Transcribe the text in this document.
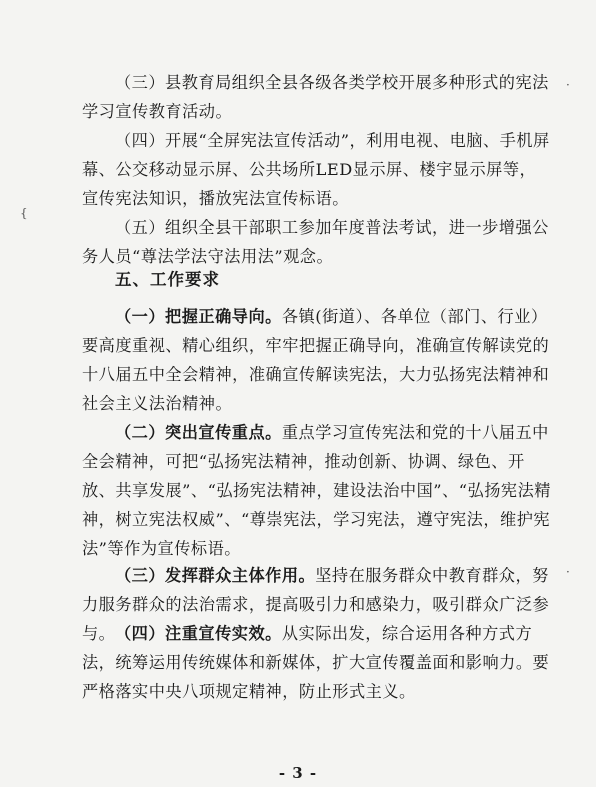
（三）县教育局组织全县各级各类学校开展多种形式的宪法学习宣传教育活动。

（四）开展“全屏宪法宣传活动”，利用电视、电脑、手机屏幕、公交移动显示屏、公共场所LED显示屏、楼宇显示屏等，宣传宪法知识，播放宪法宣传标语。

（五）组织全县干部职工参加年度普法考试，进一步增强公务人员“尊法学法守法用法”观念。

五、工作要求

（一）把握正确导向。各镇(街道）、各单位（部门、行业）要高度重视、精心组织，牢牢把握正确导向，准确宣传解读党的十八届五中全会精神，准确宣传解读宪法，大力弘扬宪法精神和社会主义法治精神。

（二）突出宣传重点。重点学习宣传宪法和党的十八届五中全会精神，可把“弘扬宪法精神，推动创新、协调、绿色、开放、共享发展”、“弘扬宪法精神，建设法治中国”、“弘扬宪法精神，树立宪法权威”、“尊崇宪法，学习宪法，遵守宪法，维护宪法”等作为宣传标语。

（三）发挥群众主体作用。坚持在服务群众中教育群众，努力服务群众的法治需求，提高吸引力和感染力，吸引群众广泛参与。 （四）注重宣传实效。从实际出发，综合运用各种方式方法，统筹运用传统媒体和新媒体，扩大宣传覆盖面和影响力。要严格落实中央八项规定精神，防止形式主义。

- 3 -
·
{
·
